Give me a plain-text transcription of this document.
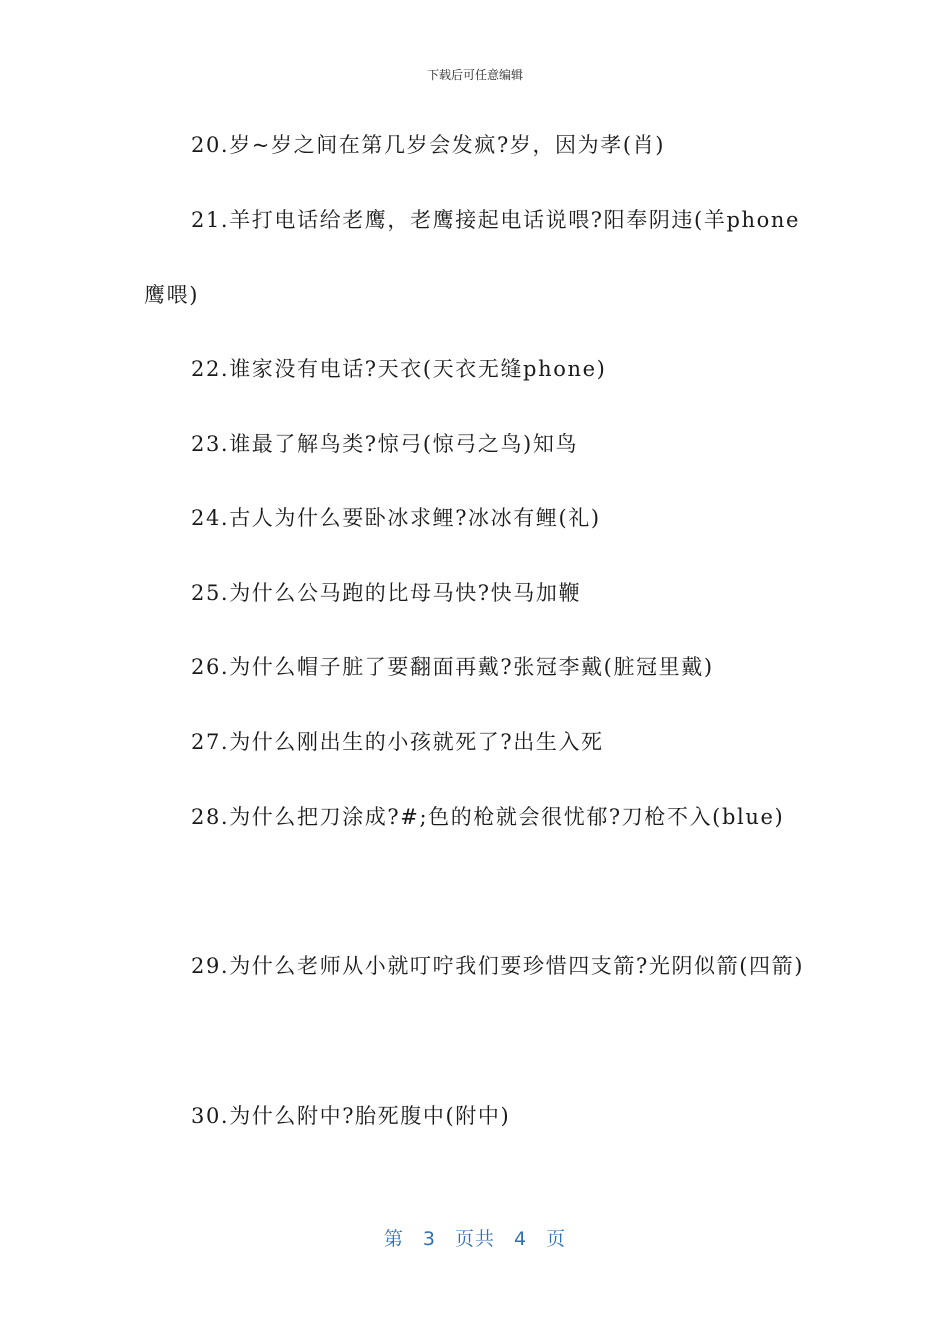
下载后可任意编辑

20.岁~岁之间在第几岁会发疯?岁，因为孝(肖)

21.羊打电话给老鹰，老鹰接起电话说喂?阳奉阴违(羊phone鹰喂)

22.谁家没有电话?天衣(天衣无缝phone)

23.谁最了解鸟类?惊弓(惊弓之鸟)知鸟

24.古人为什么要卧冰求鲤?冰冰有鲤(礼)

25.为什么公马跑的比母马快?快马加鞭

26.为什么帽子脏了要翻面再戴?张冠李戴(脏冠里戴)

27.为什么刚出生的小孩就死了?出生入死

28.为什么把刀涂成?#;色的枪就会很忧郁?刀枪不入(blue)

29.为什么老师从小就叮咛我们要珍惜四支箭?光阴似箭(四箭)

30.为什么附中?胎死腹中(附中)

第 3 页共 4 页
